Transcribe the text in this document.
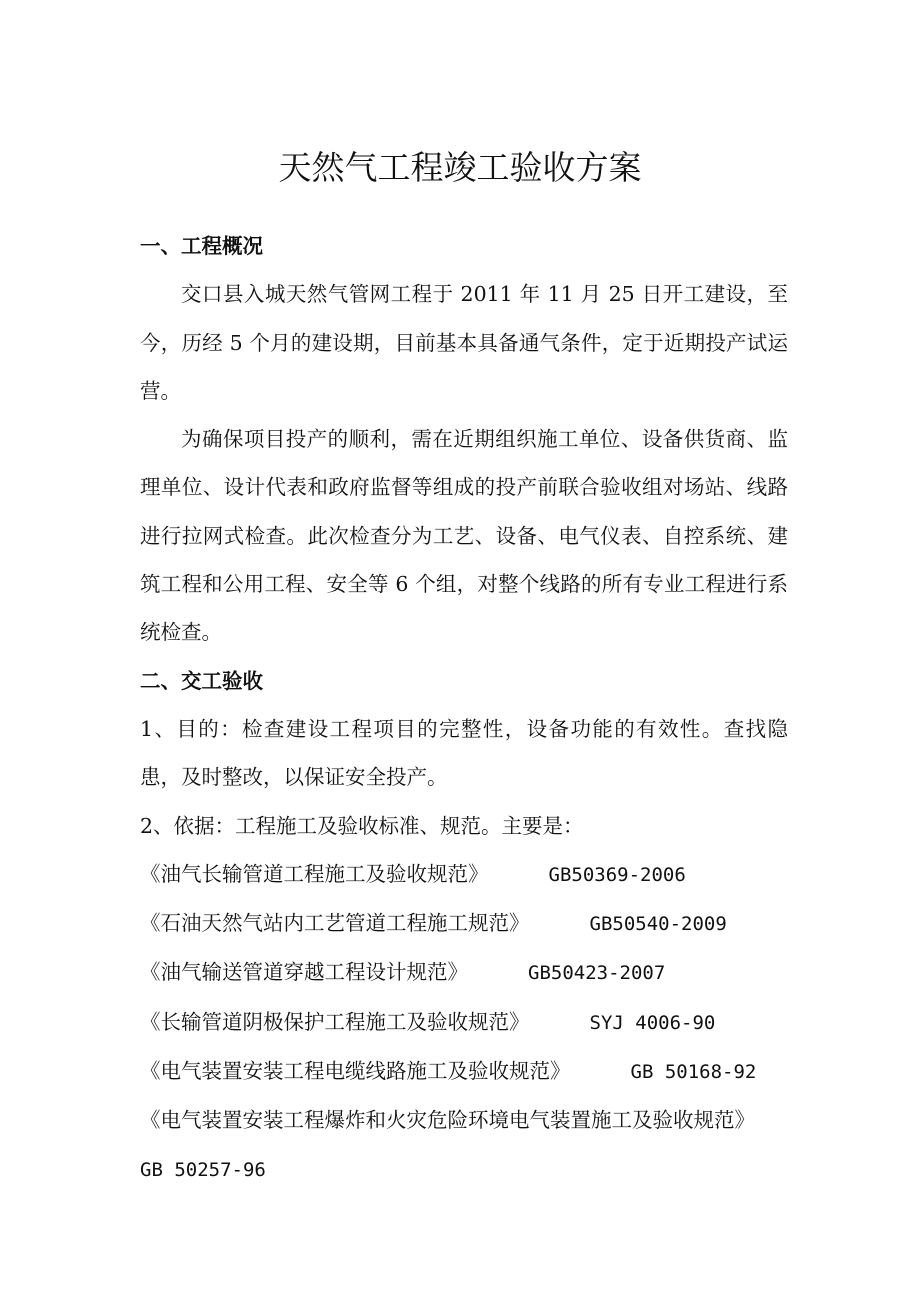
天然气工程竣工验收方案

一、工程概况

交口县入城天然气管网工程于 2011 年 11 月 25 日开工建设，至今，历经 5 个月的建设期，目前基本具备通气条件，定于近期投产试运营。

为确保项目投产的顺利，需在近期组织施工单位、设备供货商、监理单位、设计代表和政府监督等组成的投产前联合验收组对场站、线路进行拉网式检查。此次检查分为工艺、设备、电气仪表、自控系统、建筑工程和公用工程、安全等 6 个组，对整个线路的所有专业工程进行系统检查。

二、交工验收

1、目的：检查建设工程项目的完整性，设备功能的有效性。查找隐患，及时整改，以保证安全投产。

2、依据：工程施工及验收标准、规范。主要是：

《油气长输管道工程施工及验收规范》	GB50369-2006

《石油天然气站内工艺管道工程施工规范》	GB50540-2009

《油气输送管道穿越工程设计规范》	GB50423-2007

《长输管道阴极保护工程施工及验收规范》	SYJ 4006-90

《电气装置安装工程电缆线路施工及验收规范》	GB 50168-92

《电气装置安装工程爆炸和火灾危险环境电气装置施工及验收规范》
GB 50257-96
